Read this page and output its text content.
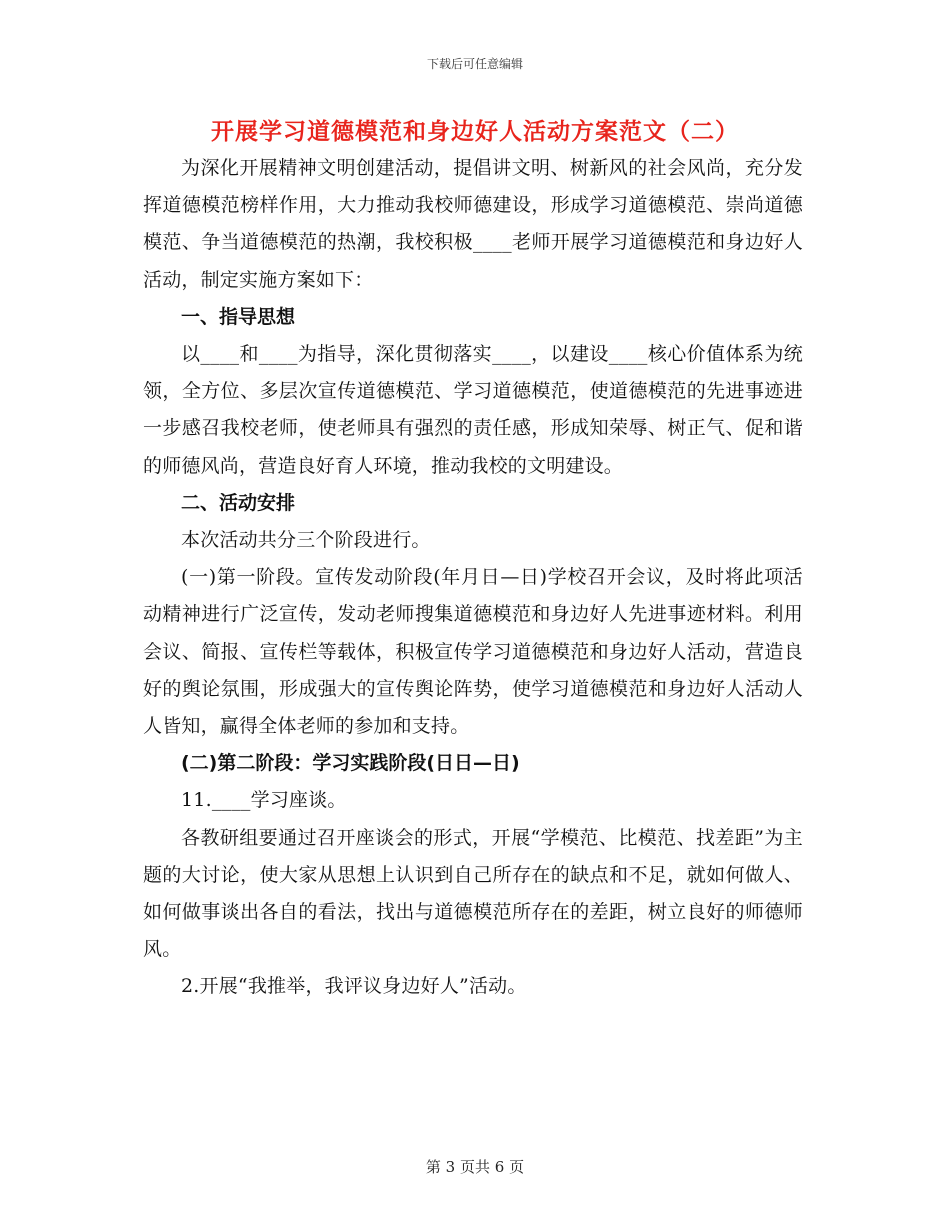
下载后可任意编辑
开展学习道德模范和身边好人活动方案范文（二）

为深化开展精神文明创建活动，提倡讲文明、树新风的社会风尚，充分发挥道德模范榜样作用，大力推动我校师德建设，形成学习道德模范、崇尚道德模范、争当道德模范的热潮，我校积极____老师开展学习道德模范和身边好人活动，制定实施方案如下：

一、指导思想

以____和____为指导，深化贯彻落实____，以建设____核心价值体系为统领，全方位、多层次宣传道德模范、学习道德模范，使道德模范的先进事迹进一步感召我校老师，使老师具有强烈的责任感，形成知荣辱、树正气、促和谐的师德风尚，营造良好育人环境，推动我校的文明建设。

二、活动安排

本次活动共分三个阶段进行。

(一)第一阶段。宣传发动阶段(年月日—日)学校召开会议，及时将此项活动精神进行广泛宣传，发动老师搜集道德模范和身边好人先进事迹材料。利用会议、简报、宣传栏等载体，积极宣传学习道德模范和身边好人活动，营造良好的舆论氛围，形成强大的宣传舆论阵势，使学习道德模范和身边好人活动人人皆知，赢得全体老师的参加和支持。

(二)第二阶段：学习实践阶段(日日—日)

11.____学习座谈。

各教研组要通过召开座谈会的形式，开展“学模范、比模范、找差距”为主题的大讨论，使大家从思想上认识到自己所存在的缺点和不足，就如何做人、如何做事谈出各自的看法，找出与道德模范所存在的差距，树立良好的师德师风。

2.开展“我推举，我评议身边好人”活动。

第 3 页共 6 页
